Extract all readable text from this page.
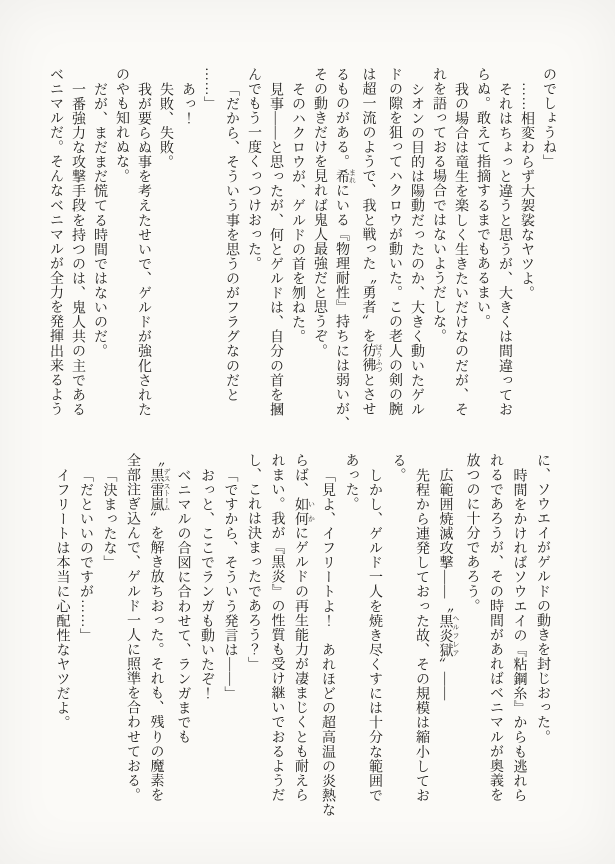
のでしょうね」

……相変わらず大袈裟なヤツよ。

それはちょっと違うと思うが、大きくは間違ってお

らぬ。敢えて指摘するまでもあるまい。

我の場合は竜生を楽しく生きたいだけなのだが、そ

れを語っておる場合ではないようだしな。

シオンの目的は陽動だったのか、大きく動いたゲル

ドの隙を狙ってハクロウが動いた。この老人の剣の腕

は超一流のようで、我と戦った〝勇者〞を彷彿 ほうふつとさせ

るものがある。希 まれにいる『物理耐性』持ちには弱いが、

その動きだけを見れば鬼人最強だと思うぞ。

そのハクロウが、ゲルドの首を刎ねた。

見事――と思ったが、何とゲルドは、自分の首を摑

んでもう一度くっつけおった。

「だから、そういう事を思うのがフラグなのだと

……」

あっ！

失敗、失敗。

我が要らぬ事を考えたせいで、ゲルドが強化された

のやも知れぬな。

だが、まだまだ慌てる時間ではないのだ。

一番強力な攻撃手段を持つのは、鬼人共の主である

ベニマルだ。そんなベニマルが全力を発揮出来るよう

に、ソウエイがゲルドの動きを封じおった。

時間をかければソウエイの『粘鋼糸』からも逃れら

れるであろうが、その時間があればベニマルが奥義を

放つのに十分であろう。

広範囲焼滅攻撃――〝黒炎獄 ヘルフレア〞――

先程から連発しておった故、その規模は縮小してお

る。

しかし、ゲルド一人を焼き尽くすには十分な範囲で

あった。

「見よ、イフリートよ！　あれほどの超高温の炎熱な

らば、如何 いかにゲルドの再生能力が凄まじくとも耐えら

れまい。我が『黒炎』の性質も受け継いでおるようだ

し、これは決まったであろう？」

「ですから、そういう発言は――」

おっと、ここでランガも動いたぞ！

ベニマルの合図に合わせて、ランガまでも

〝黒雷嵐 デスストーム〞を解き放ちおった。それも、残りの魔素を

全部注ぎ込んで、ゲルド一人に照準を合わせておる。

「決まったな」

「だといいのですが……」

イフリートは本当に心配性なヤツだよ。
